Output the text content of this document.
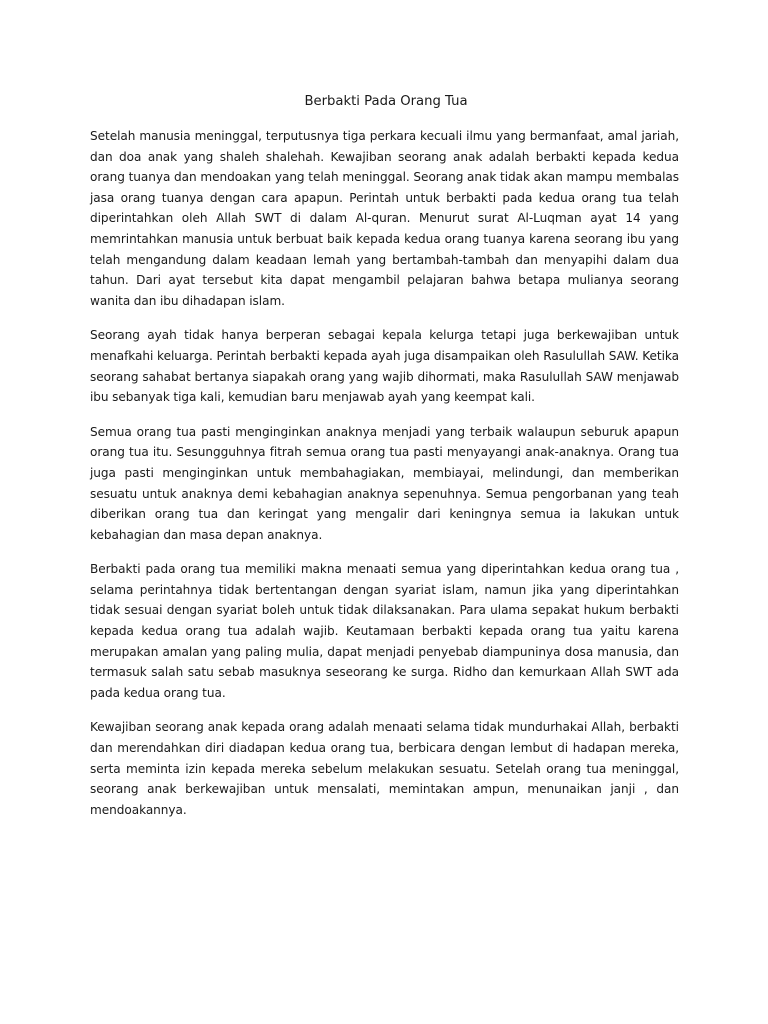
Berbakti Pada Orang Tua

Setelah manusia meninggal, terputusnya tiga perkara kecuali ilmu yang bermanfaat, amal jariah, dan doa anak yang shaleh shalehah. Kewajiban seorang anak adalah berbakti kepada kedua orang tuanya dan mendoakan yang telah meninggal. Seorang anak tidak akan mampu membalas jasa orang tuanya dengan cara apapun. Perintah untuk berbakti pada kedua orang tua telah diperintahkan oleh Allah SWT di dalam Al-quran. Menurut surat Al-Luqman ayat 14 yang memrintahkan manusia untuk berbuat baik kepada kedua orang tuanya karena seorang ibu yang telah mengandung dalam keadaan lemah yang bertambah-tambah dan menyapihi dalam dua tahun. Dari ayat tersebut kita dapat mengambil pelajaran bahwa betapa mulianya seorang wanita dan ibu dihadapan islam.

Seorang ayah tidak hanya berperan sebagai kepala kelurga tetapi juga berkewajiban untuk menafkahi keluarga. Perintah berbakti kepada ayah juga disampaikan oleh Rasulullah SAW. Ketika seorang sahabat bertanya siapakah orang yang wajib dihormati, maka Rasulullah SAW menjawab ibu sebanyak tiga kali, kemudian baru menjawab ayah yang keempat kali.

Semua orang tua pasti menginginkan anaknya menjadi yang terbaik walaupun seburuk apapun orang tua itu. Sesungguhnya fitrah semua orang tua pasti menyayangi anak-anaknya. Orang tua juga pasti menginginkan untuk membahagiakan, membiayai, melindungi, dan memberikan sesuatu untuk anaknya demi kebahagian anaknya sepenuhnya. Semua pengorbanan yang teah diberikan orang tua dan keringat yang mengalir dari keningnya semua ia lakukan untuk kebahagian dan masa depan anaknya.

Berbakti pada orang tua memiliki makna menaati semua yang diperintahkan kedua orang tua , selama perintahnya tidak bertentangan dengan syariat islam, namun jika yang diperintahkan tidak sesuai dengan syariat boleh untuk tidak dilaksanakan. Para ulama sepakat hukum berbakti kepada kedua orang tua adalah wajib. Keutamaan berbakti kepada orang tua yaitu karena merupakan amalan yang paling mulia, dapat menjadi penyebab diampuninya dosa manusia, dan termasuk salah satu sebab masuknya seseorang ke surga. Ridho dan kemurkaan Allah SWT ada pada kedua orang tua.

Kewajiban seorang anak kepada orang adalah menaati selama tidak mundurhakai Allah, berbakti dan merendahkan diri diadapan kedua orang tua, berbicara dengan lembut di hadapan mereka, serta meminta izin kepada mereka sebelum melakukan sesuatu. Setelah orang tua meninggal, seorang anak berkewajiban untuk mensalati, memintakan ampun, menunaikan janji , dan mendoakannya.
